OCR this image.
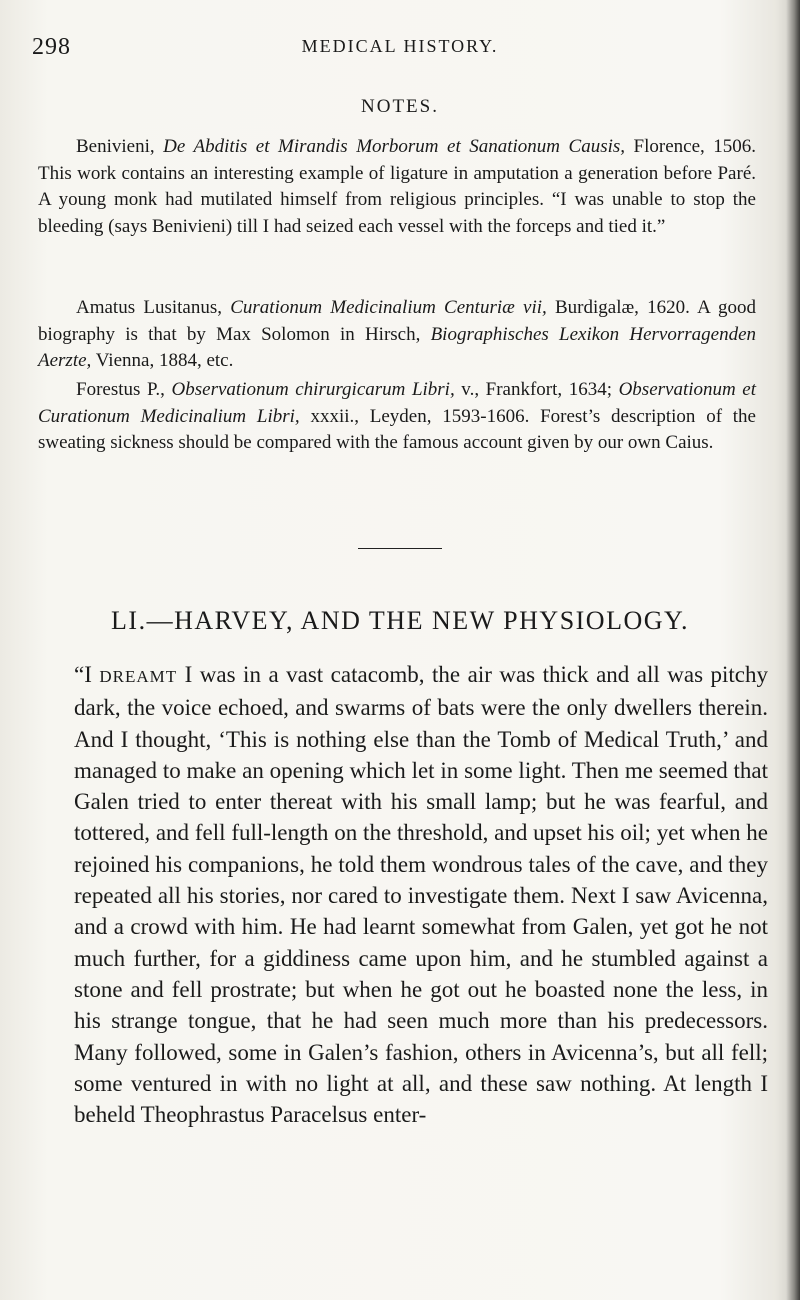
298	MEDICAL HISTORY.
NOTES.

Benivieni, De Abditis et Mirandis Morborum et Sanationum Causis, Florence, 1506. This work contains an interesting example of ligature in amputation a generation before Paré. A young monk had mutilated himself from religious principles. “I was unable to stop the bleeding (says Benivieni) till I had seized each vessel with the forceps and tied it.”

Amatus Lusitanus, Curationum Medicinalium Centuriæ vii, Burdigalæ, 1620. A good biography is that by Max Solomon in Hirsch, Biographisches Lexikon Hervorragenden Aerzte, Vienna, 1884, etc.

Forestus P., Observationum chirurgicarum Libri, v., Frankfort, 1634; Observationum et Curationum Medicinalium Libri, xxxii., Leyden, 1593-1606. Forest’s description of the sweating sickness should be compared with the famous account given by our own Caius.

LI.—HARVEY, AND THE NEW PHYSIOLOGY.

“I DREAMT I was in a vast catacomb, the air was thick and all was pitchy dark, the voice echoed, and swarms of bats were the only dwellers therein. And I thought, ‘This is nothing else than the Tomb of Medical Truth,’ and managed to make an opening which let in some light. Then me seemed that Galen tried to enter thereat with his small lamp; but he was fearful, and tottered, and fell full-length on the threshold, and upset his oil; yet when he rejoined his companions, he told them wondrous tales of the cave, and they repeated all his stories, nor cared to investigate them. Next I saw Avicenna, and a crowd with him. He had learnt somewhat from Galen, yet got he not much further, for a giddiness came upon him, and he stumbled against a stone and fell prostrate; but when he got out he boasted none the less, in his strange tongue, that he had seen much more than his predecessors. Many followed, some in Galen’s fashion, others in Avicenna’s, but all fell; some ventured in with no light at all, and these saw nothing. At length I beheld Theophrastus Paracelsus enter-
